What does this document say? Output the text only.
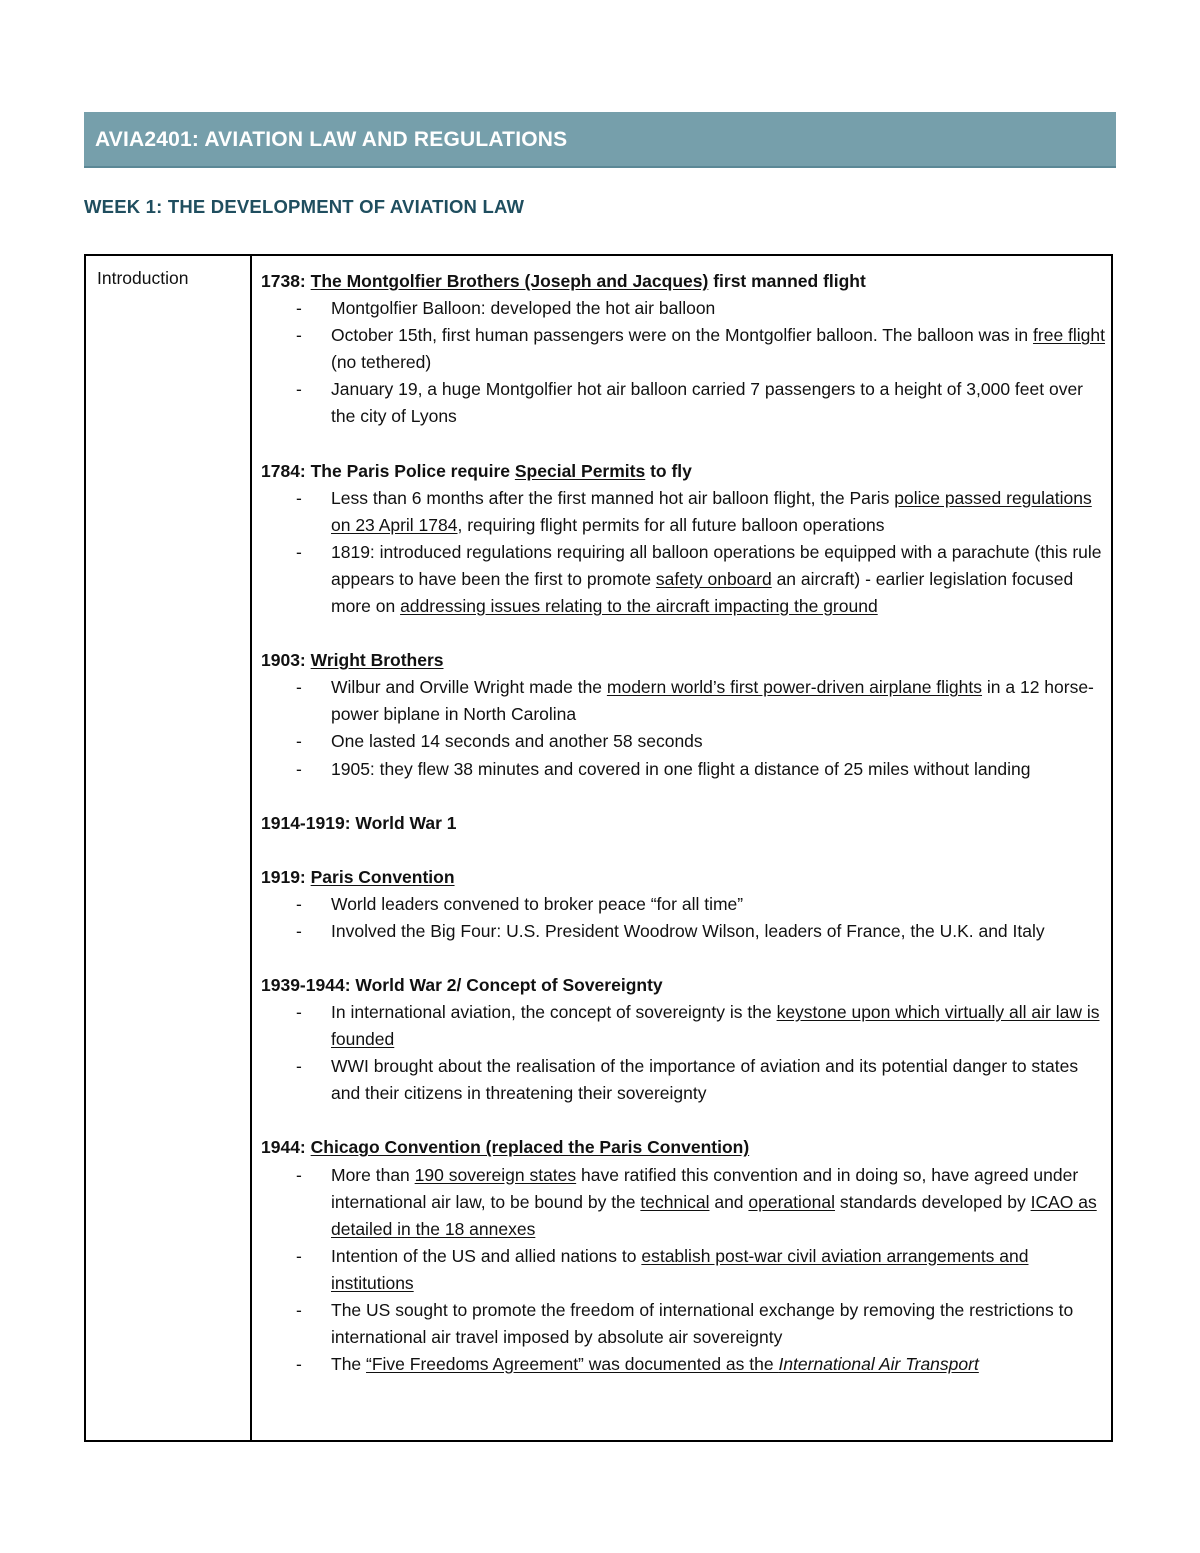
AVIA2401: AVIATION LAW AND REGULATIONS
WEEK 1: THE DEVELOPMENT OF AVIATION LAW
Introduction	1738: The Montgolfier Brothers (Joseph and Jacques) first manned flight
- Montgolfier Balloon: developed the hot air balloon
- October 15th, first human passengers were on the Montgolfier balloon. The balloon was in free flight (no tethered)
- January 19, a huge Montgolfier hot air balloon carried 7 passengers to a height of 3,000 feet over the city of Lyons
1784: The Paris Police require Special Permits to fly
- Less than 6 months after the first manned hot air balloon flight, the Paris police passed regulations on 23 April 1784, requiring flight permits for all future balloon operations
- 1819: introduced regulations requiring all balloon operations be equipped with a parachute (this rule appears to have been the first to promote safety onboard an aircraft) - earlier legislation focused more on addressing issues relating to the aircraft impacting the ground
1903: Wright Brothers
- Wilbur and Orville Wright made the modern world’s first power-driven airplane flights in a 12 horse-power biplane in North Carolina
- One lasted 14 seconds and another 58 seconds
- 1905: they flew 38 minutes and covered in one flight a distance of 25 miles without landing
1914-1919: World War 1
1919: Paris Convention
- World leaders convened to broker peace “for all time”
- Involved the Big Four: U.S. President Woodrow Wilson, leaders of France, the U.K. and Italy
1939-1944: World War 2/ Concept of Sovereignty
- In international aviation, the concept of sovereignty is the keystone upon which virtually all air law is founded
- WWI brought about the realisation of the importance of aviation and its potential danger to states and their citizens in threatening their sovereignty
1944: Chicago Convention (replaced the Paris Convention)
- More than 190 sovereign states have ratified this convention and in doing so, have agreed under international air law, to be bound by the technical and operational standards developed by ICAO as detailed in the 18 annexes
- Intention of the US and allied nations to establish post-war civil aviation arrangements and institutions
- The US sought to promote the freedom of international exchange by removing the restrictions to international air travel imposed by absolute air sovereignty
- The “Five Freedoms Agreement” was documented as the International Air Transport
